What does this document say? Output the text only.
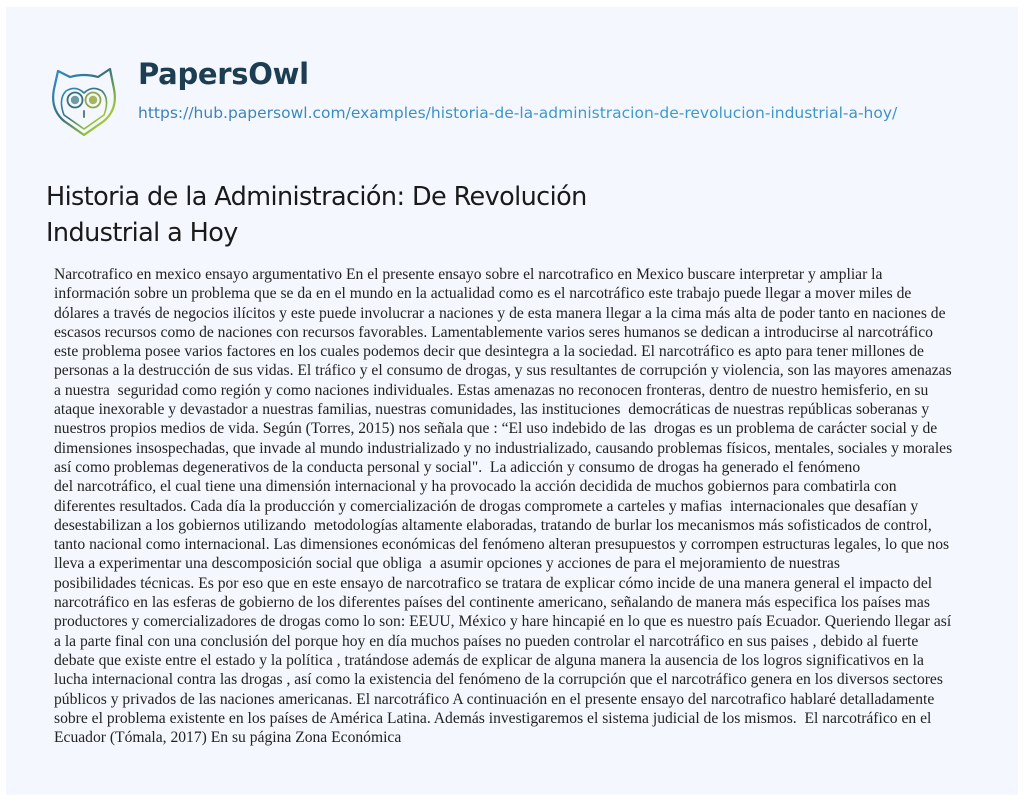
PapersOwl
https://hub.papersowl.com/examples/historia-de-la-administracion-de-revolucion-industrial-a-hoy/
Historia de la Administración: De Revolución Industrial a Hoy
Narcotrafico en mexico ensayo argumentativo En el presente ensayo sobre el narcotrafico en Mexico buscare interpretar y ampliar la
información sobre un problema que se da en el mundo en la actualidad como es el narcotráfico este trabajo puede llegar a mover miles de
dólares a través de negocios ilícitos y este puede involucrar a naciones y de esta manera llegar a la cima más alta de poder tanto en naciones de
escasos recursos como de naciones con recursos favorables. Lamentablemente varios seres humanos se dedican a introducirse al narcotráfico
este problema posee varios factores en los cuales podemos decir que desintegra a la sociedad. El narcotráfico es apto para tener millones de
personas a la destrucción de sus vidas. El tráfico y el consumo de drogas, y sus resultantes de corrupción y violencia, son las mayores amenazas
a nuestra  seguridad como región y como naciones individuales. Estas amenazas no reconocen fronteras, dentro de nuestro hemisferio, en su
ataque inexorable y devastador a nuestras familias, nuestras comunidades, las instituciones  democráticas de nuestras repúblicas soberanas y
nuestros propios medios de vida. Según (Torres, 2015) nos señala que : “El uso indebido de las  drogas es un problema de carácter social y de
dimensiones insospechadas, que invade al mundo industrializado y no industrializado, causando problemas físicos, mentales, sociales y morales
así como problemas degenerativos de la conducta personal y social".  La adicción y consumo de drogas ha generado el fenómeno
del narcotráfico, el cual tiene una dimensión internacional y ha provocado la acción decidida de muchos gobiernos para combatirla con
diferentes resultados. Cada día la producción y comercialización de drogas compromete a carteles y mafias  internacionales que desafían y
desestabilizan a los gobiernos utilizando  metodologías altamente elaboradas, tratando de burlar los mecanismos más sofisticados de control,
tanto nacional como internacional. Las dimensiones económicas del fenómeno alteran presupuestos y corrompen estructuras legales, lo que nos
lleva a experimentar una descomposición social que obliga  a asumir opciones y acciones de para el mejoramiento de nuestras
posibilidades técnicas. Es por eso que en este ensayo de narcotrafico se tratara de explicar cómo incide de una manera general el impacto del
narcotráfico en las esferas de gobierno de los diferentes países del continente americano, señalando de manera más especifica los países mas
productores y comercializadores de drogas como lo son: EEUU, México y hare hincapié en lo que es nuestro país Ecuador. Queriendo llegar así
a la parte final con una conclusión del porque hoy en día muchos países no pueden controlar el narcotráfico en sus paises , debido al fuerte
debate que existe entre el estado y la política , tratándose además de explicar de alguna manera la ausencia de los logros significativos en la
lucha internacional contra las drogas , así como la existencia del fenómeno de la corrupción que el narcotráfico genera en los diversos sectores
públicos y privados de las naciones americanas. El narcotráfico A continuación en el presente ensayo del narcotrafico hablaré detalladamente
sobre el problema existente en los países de América Latina. Además investigaremos el sistema judicial de los mismos.  El narcotráfico en el
Ecuador (Tómala, 2017) En su página Zona Económica
